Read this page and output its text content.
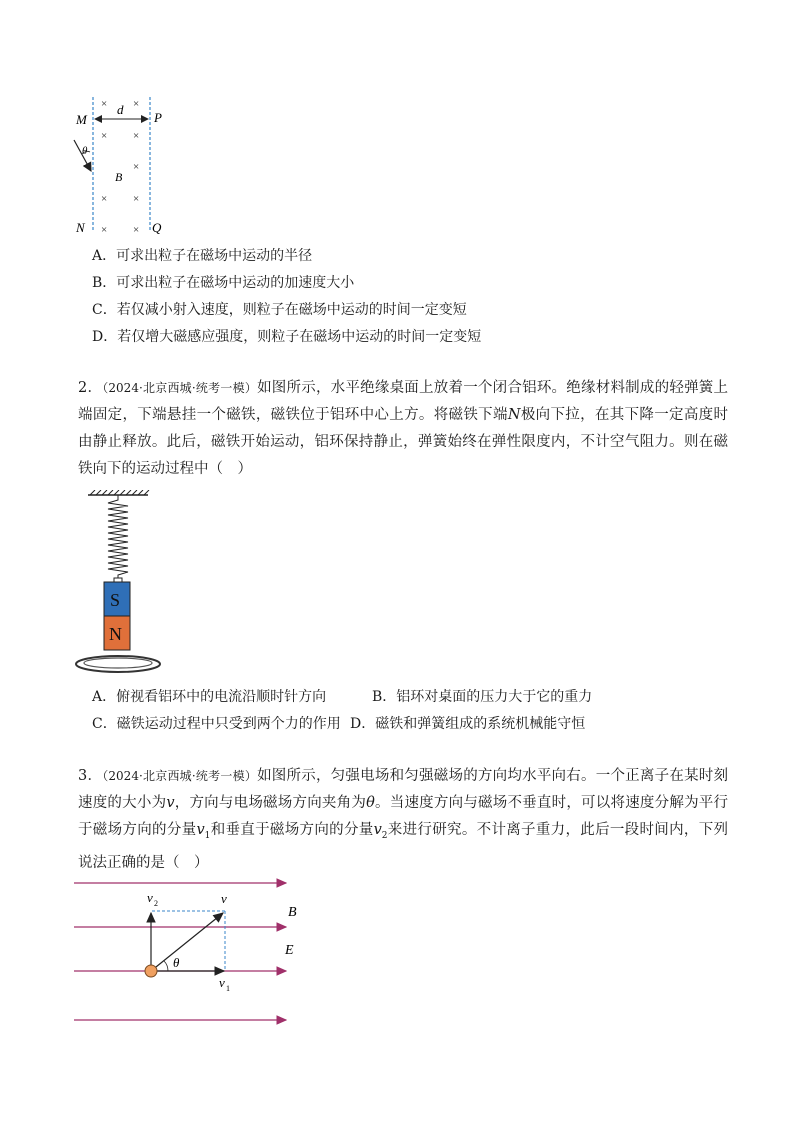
d
M	P
N	Q
B
θ
× ×
× ×
×
× ×
× ×
A．可求出粒子在磁场中运动的半径
B．可求出粒子在磁场中运动的加速度大小
C．若仅减小射入速度，则粒子在磁场中运动的时间一定变短
D．若仅增大磁感应强度，则粒子在磁场中运动的时间一定变短
2．（2024·北京西城·统考一模）如图所示，水平绝缘桌面上放着一个闭合铝环。绝缘材料制成的轻弹簧上端固定，下端悬挂一个磁铁，磁铁位于铝环中心上方。将磁铁下端N极向下拉，在其下降一定高度时由静止释放。此后，磁铁开始运动，铝环保持静止，弹簧始终在弹性限度内，不计空气阻力。则在磁铁向下的运动过程中（　）
S
N
A．俯视看铝环中的电流沿顺时针方向	B．铝环对桌面的压力大于它的重力
C．磁铁运动过程中只受到两个力的作用 D．磁铁和弹簧组成的系统机械能守恒
3．（2024·北京西城·统考一模）如图所示，匀强电场和匀强磁场的方向均水平向右。一个正离子在某时刻速度的大小为v，方向与电场磁场方向夹角为θ。当速度方向与磁场不垂直时，可以将速度分解为平行于磁场方向的分量$v_1$和垂直于磁场方向的分量$v_2$来进行研究。不计离子重力，此后一段时间内，下列说法正确的是（　）
B
E
θ
v
v 2
v 1
